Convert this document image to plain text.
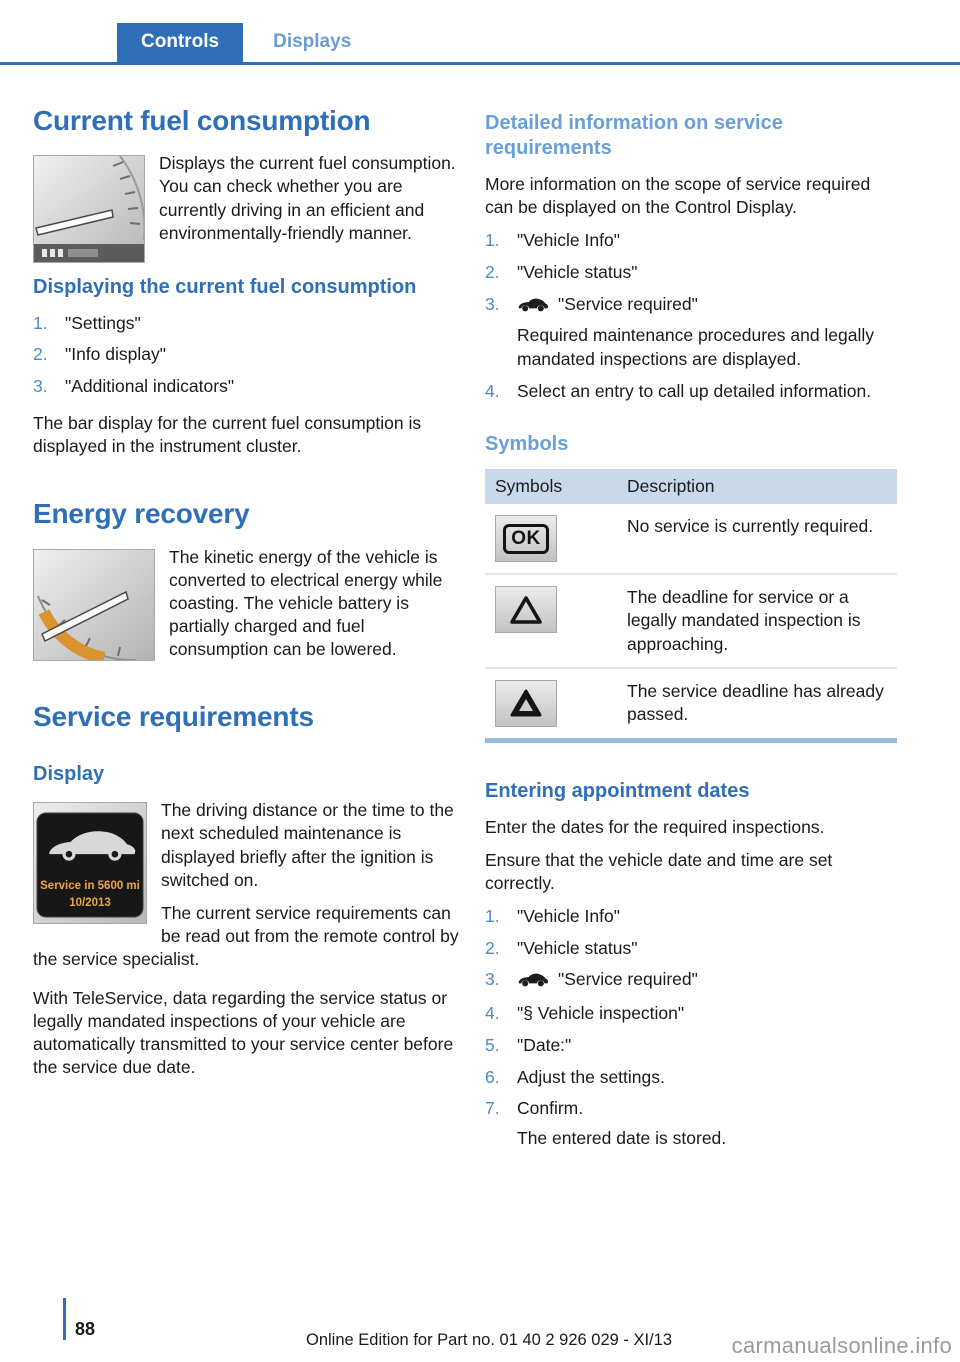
Controls	Displays
Current fuel consumption

Displays the current fuel consumption. You can check whether you are currently driving in an efficient and environmentally-friendly manner.

Displaying the current fuel consumption
"Settings"
"Info display"
"Additional indicators"

The bar display for the current fuel consumption is displayed in the instrument cluster.

Energy recovery

The kinetic energy of the vehicle is converted to electrical energy while coasting. The vehicle battery is partially charged and fuel consumption can be lowered.

Service requirements
Display
Service in 5600 mi
10/2013

The driving distance or the time to the next scheduled maintenance is displayed briefly after the ignition is switched on.

The current service requirements can be read out from the remote control by the service specialist.

With TeleService, data regarding the service status or legally mandated inspections of your vehicle are automatically transmitted to your service center before the service due date.

Detailed information on service requirements

More information on the scope of service required can be displayed on the Control Display.

"Vehicle Info"
"Vehicle status"
"Service required"

Required maintenance procedures and legally mandated inspections are displayed.

Select an entry to call up detailed information.
Symbols
Symbols	Description

OK	No service is currently required.

	The deadline for service or a legally mandated inspection is approaching.

	The service deadline has already passed.
Entering appointment dates

Enter the dates for the required inspections.

Ensure that the vehicle date and time are set correctly.

"Vehicle Info"
"Vehicle status"
"Service required"
"§ Vehicle inspection"
"Date:"
Adjust the settings.
Confirm.

The entered date is stored.

88
Online Edition for Part no. 01 40 2 926 029 - XI/13	carmanualsonline.info
